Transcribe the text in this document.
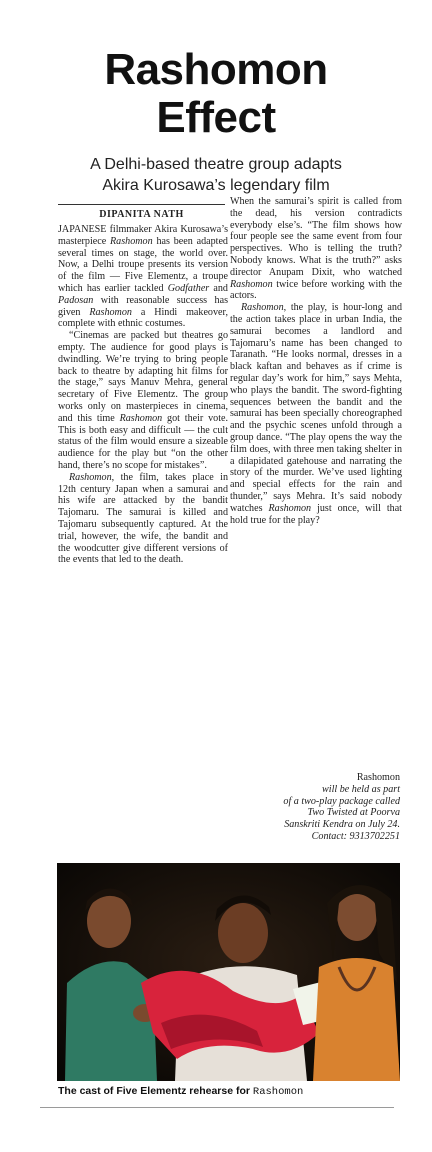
Rashomon
Effect
A Delhi-based theatre group adapts
Akira Kurosawa’s legendary film
DIPANITA NATH

JAPANESE filmmaker Akira Kurosawa’s masterpiece Rashomon has been adapted several times on stage, the world over. Now, a Delhi troupe presents its version of the film — Five Elementz, a troupe which has earlier tackled Godfather and Padosan with reasonable success has given Rashomon a Hindi makeover, complete with ethnic costumes.

“Cinemas are packed but theatres go empty. The audience for good plays is dwindling. We’re trying to bring people back to theatre by adapting hit films for the stage,” says Manuv Mehra, general secretary of Five Elementz. The group works only on masterpieces in cinema, and this time Rashomon got their vote. This is both easy and difficult — the cult status of the film would ensure a sizeable audience for the play but “on the other hand, there’s no scope for mistakes”.

Rashomon, the film, takes place in 12th century Japan when a samurai and his wife are attacked by the bandit Tajomaru. The samurai is killed and Tajomaru subsequently captured. At the trial, however, the wife, the bandit and the woodcutter give different versions of the events that led to the death.

When the samurai’s spirit is called from the dead, his version contradicts everybody else’s. “The film shows how four people see the same event from four perspectives. Who is telling the truth? Nobody knows. What is the truth?” asks director Anupam Dixit, who watched Rashomon twice before working with the actors.

Rashomon, the play, is hour-long and the action takes place in urban India, the samurai becomes a landlord and Tajomaru’s name has been changed to Taranath. “He looks normal, dresses in a black kaftan and behaves as if crime is regular day’s work for him,” says Mehta, who plays the bandit. The sword-fighting sequences between the bandit and the samurai has been specially choreographed and the psychic scenes unfold through a group dance. “The play opens the way the film does, with three men taking shelter in a dilapidated gatehouse and narrating the story of the murder. We’ve used lighting and special effects for the rain and thunder,” says Mehra. It’s said nobody watches Rashomon just once, will that hold true for the play?

Rashomon
will be held as part
of a two-play package called
Two Twisted at Poorva
Sanskriti Kendra on July 24.
Contact: 9313702251
The cast of Five Elementz rehearse for Rashomon
